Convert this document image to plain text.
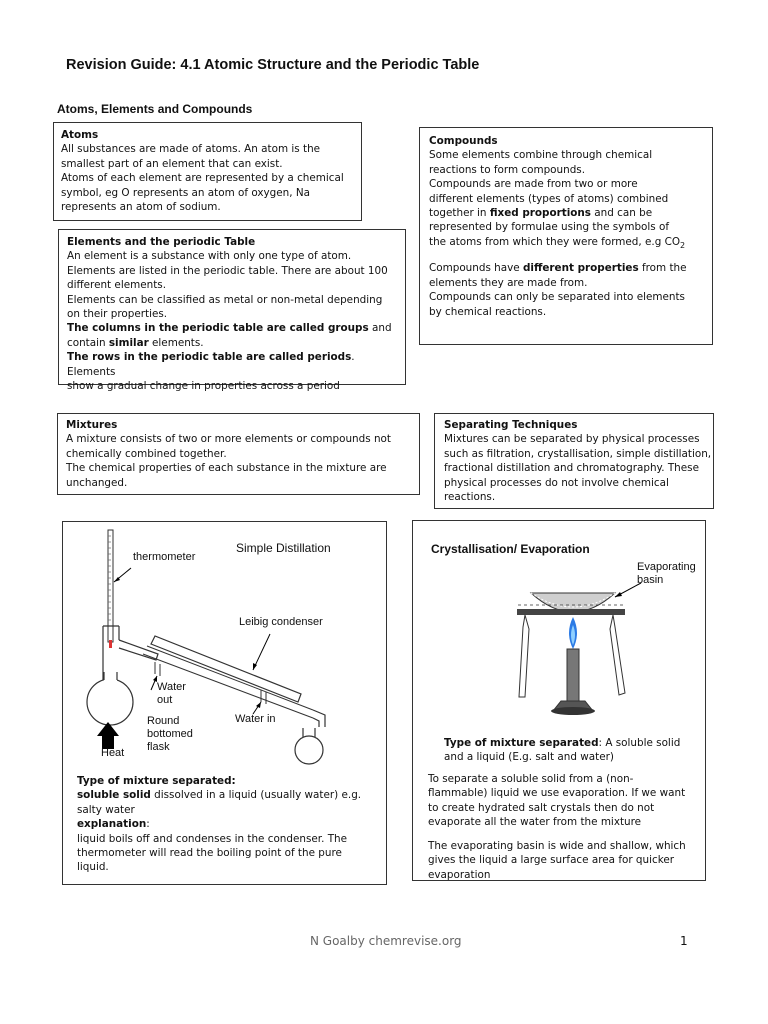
Revision Guide: 4.1 Atomic Structure and the Periodic Table
Atoms, Elements and Compounds

Atoms

All substances are made of atoms. An atom is the

smallest part of an element that can exist.

Atoms of each element are represented by a chemical

symbol, eg O represents an atom of oxygen, Na

represents an atom of sodium.

Elements and the periodic Table

An element is a substance with only one type of atom.

Elements are listed in the periodic table. There are about 100

different elements.

Elements can be classified as metal or non-metal depending

on their properties.

The columns in the periodic table are called groups and

contain similar elements.

The rows in the periodic table are called periods. Elements

show a gradual change in properties across a period

Compounds

Some elements combine through chemical

reactions to form compounds.

Compounds are made from two or more

different elements (types of atoms) combined

together in fixed proportions and can be

represented by formulae using the symbols of

the atoms from which they were formed, e.g $CO_2$

Compounds have different properties from the

elements they are made from.

Compounds can only be separated into elements

by chemical reactions.

Mixtures

A mixture consists of two or more elements or compounds not

chemically combined together.

The chemical properties of each substance in the mixture are

unchanged.

Separating Techniques

Mixtures can be separated by physical processes

such as filtration, crystallisation, simple distillation,

fractional distillation and chromatography. These

physical processes do not involve chemical

reactions.

Simple Distillation
thermometer
Leibig condenser
Water
out
Water in
Round
bottomed
flask
Heat

Type of mixture separated:

soluble solid dissolved in a liquid (usually water) e.g.

salty water

explanation:

liquid boils off and condenses in the condenser. The

thermometer will read the boiling point of the pure

liquid.

Crystallisation/ Evaporation
Evaporating
basin

Type of mixture separated: A soluble solid

and a liquid (E.g. salt and water)

To separate a soluble solid from a (non-

flammable) liquid we use evaporation. If we want

to create hydrated salt crystals then do not

evaporate all the water from the mixture

The evaporating basin is wide and shallow, which

gives the liquid a large surface area for quicker

evaporation

N Goalby chemrevise.org	1
